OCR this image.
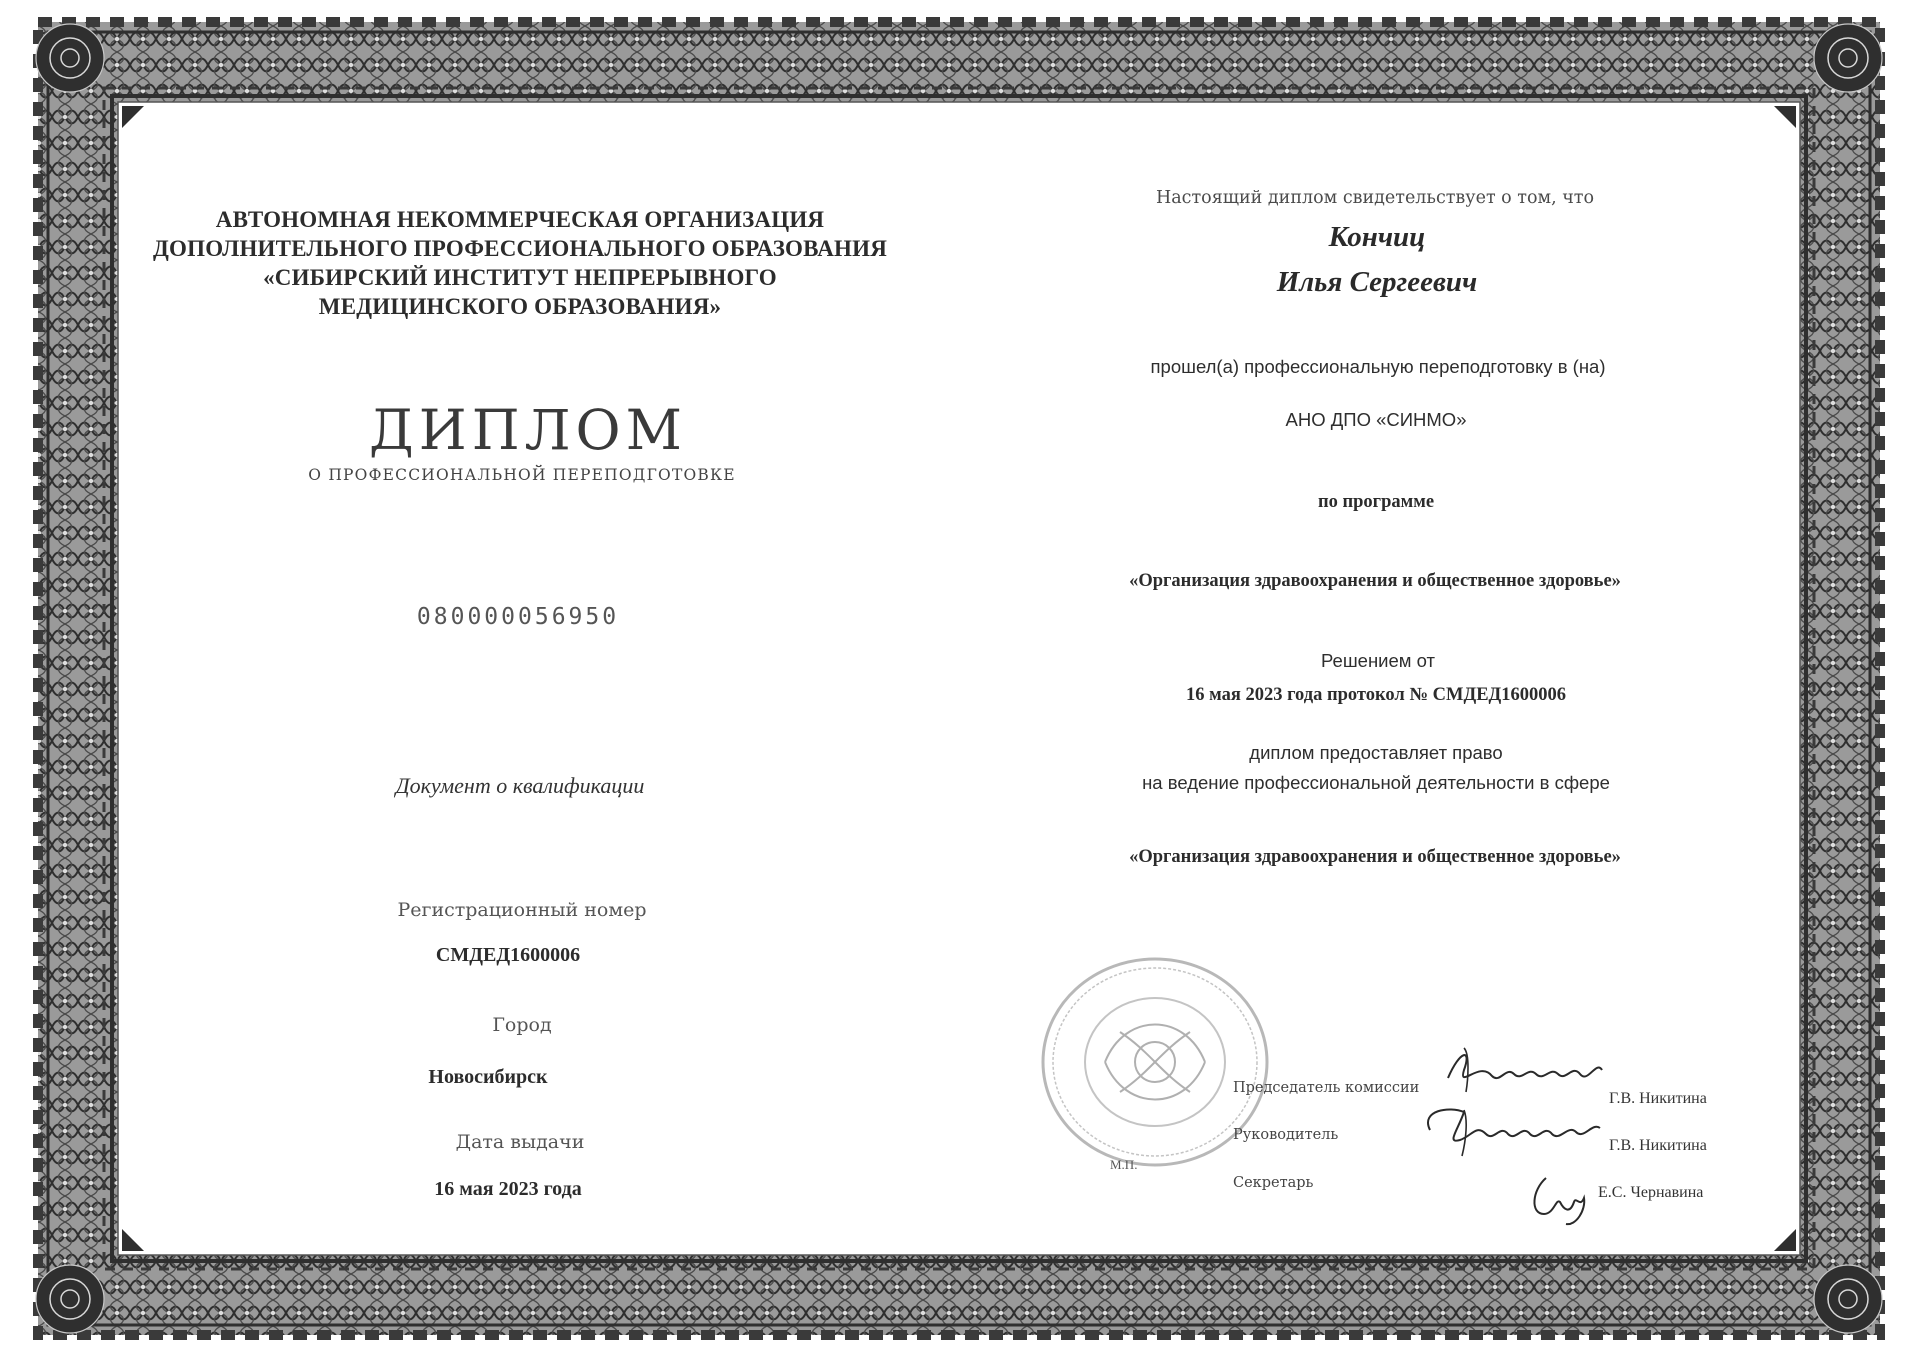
АВТОНОМНАЯ НЕКОММЕРЧЕСКАЯ ОРГАНИЗАЦИЯ
ДОПОЛНИТЕЛЬНОГО ПРОФЕССИОНАЛЬНОГО ОБРАЗОВАНИЯ
«СИБИРСКИЙ ИНСТИТУТ НЕПРЕРЫВНОГО
МЕДИЦИНСКОГО ОБРАЗОВАНИЯ»
ДИПЛОМ
О ПРОФЕССИОНАЛЬНОЙ ПЕРЕПОДГОТОВКЕ
080000056950
Документ о квалификации
Регистрационный номер
СМДЕД1600006
Город
Новосибирск
Дата выдачи
16 мая 2023 года
Настоящий диплом свидетельствует о том, что
Кончиц
Илья Сергеевич
прошел(а) профессиональную переподготовку в (на)
АНО ДПО «СИНМО»
по программе
«Организация здравоохранения и общественное здоровье»
Решением от
16 мая 2023 года протокол № СМДЕД1600006
диплом предоставляет право
на ведение профессиональной деятельности в сфере
«Организация здравоохранения и общественное здоровье»
М.П.
Председатель комиссии
Г.В. Никитина
Руководитель
Г.В. Никитина
Секретарь
Е.С. Чернавина
